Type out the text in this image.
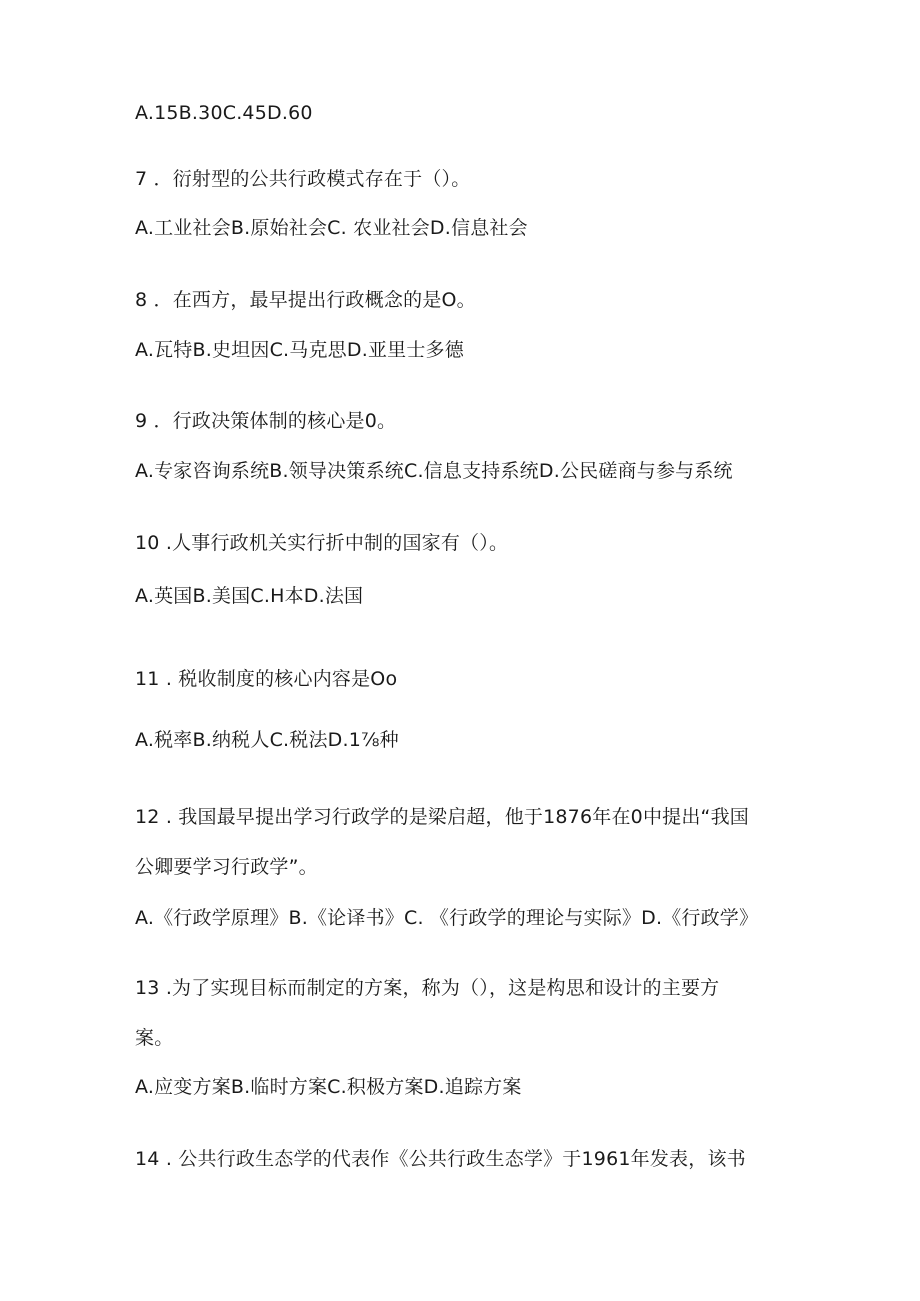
A.15B.30C.45D.60
7 ．衍射型的公共行政模式存在于（）。
A.工业社会B.原始社会C. 农业社会D.信息社会
8 ．在西方，最早提出行政概念的是O。
A.瓦特B.史坦因C.马克思D.亚里士多德
9 ．行政决策体制的核心是0。
A.专家咨询系统B.领导决策系统C.信息支持系统D.公民磋商与参与系统
10 .人事行政机关实行折中制的国家有（）。
A.英国B.美国C.H本D.法国
11 . 税收制度的核心内容是Oo
A.税率B.纳税人C.税法D.1⅞种
12 . 我国最早提出学习行政学的是梁启超，他于1876年在0中提出“我国
公卿要学习行政学”。
A.《行政学原理》B.《论译书》C. 《行政学的理论与实际》D.《行政学》
13 .为了实现目标而制定的方案，称为（），这是构思和设计的主要方
案。
A.应变方案B.临时方案C.积极方案D.追踪方案
14 . 公共行政生态学的代表作《公共行政生态学》于1961年发表，该书
